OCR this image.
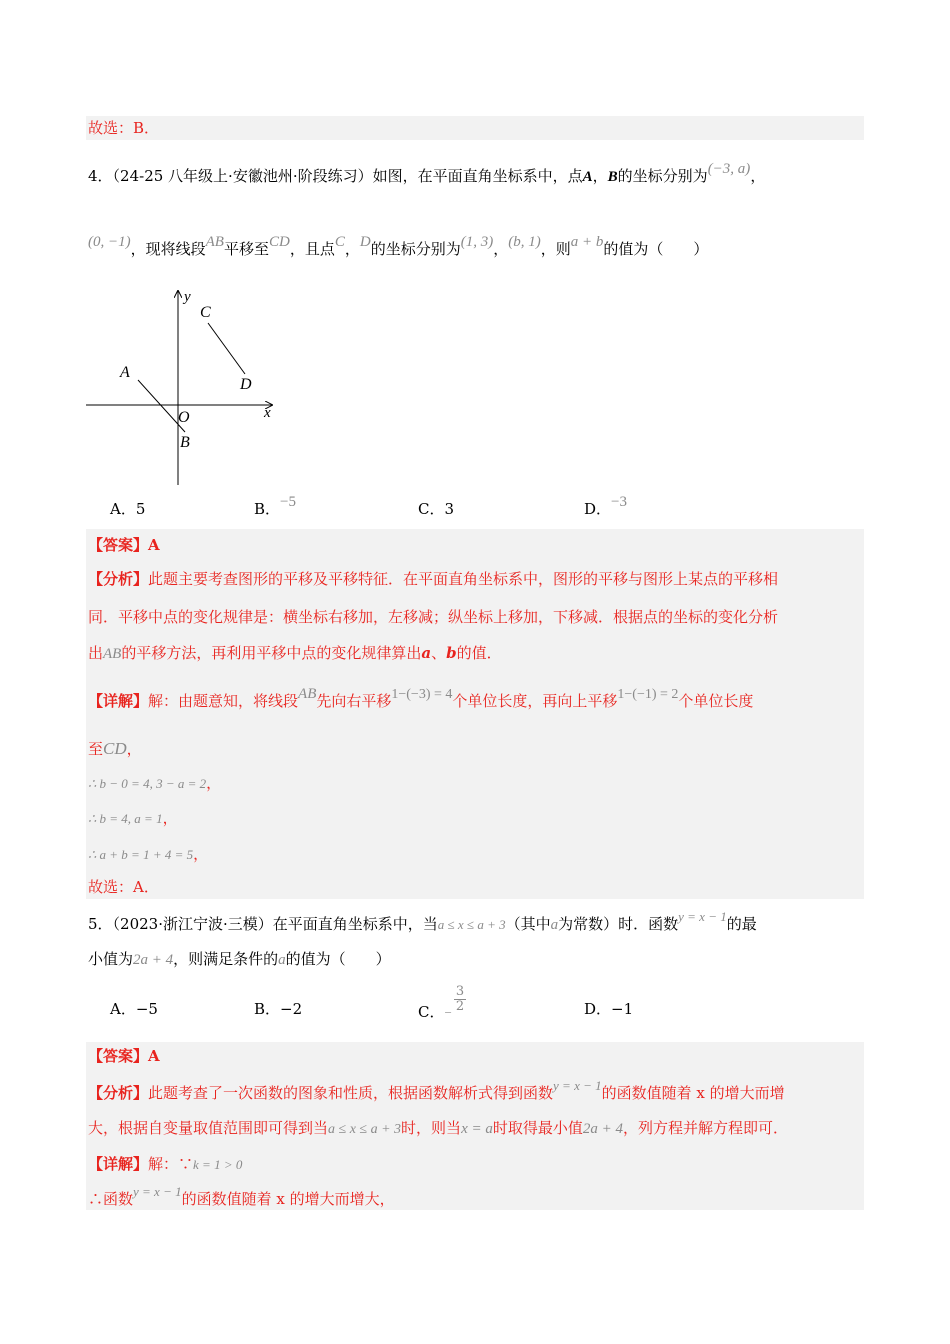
故选：B．
4．（24-25 八年级上·安徽池州·阶段练习）如图，在平面直角坐标系中，点A，B的坐标分别为(−3, a)，
(0, −1)，现将线段AB平移至CD，且点C，D的坐标分别为(1, 3)，(b, 1)，则a + b的值为（　　）
y
x
O
A
B
C
D
A．5	B．−5	C．3	D．−3
【答案】A
【分析】此题主要考查图形的平移及平移特征．在平面直角坐标系中，图形的平移与图形上某点的平移相
同．平移中点的变化规律是：横坐标右移加，左移减；纵坐标上移加，下移减．根据点的坐标的变化分析
出AB的平移方法，再利用平移中点的变化规律算出a、b的值．
【详解】解：由题意知，将线段AB先向右平移1−(−3) = 4个单位长度，再向上平移1−(−1) = 2个单位长度
至CD，
∴ b − 0 = 4, 3 − a = 2，
∴ b = 4, a = 1，
∴ a + b = 1 + 4 = 5，
故选：A．
5．（2023·浙江宁波·三模）在平面直角坐标系中，当a ≤ x ≤ a + 3（其中a为常数）时．函数y = x − 1的最
小值为2a + 4，则满足条件的a的值为（　　）
A．−5	B．−2	C．− $\frac{3}{2}$	D．−1
【答案】A
【分析】此题考查了一次函数的图象和性质，根据函数解析式得到函数y = x − 1的函数值随着 x 的增大而增
大，根据自变量取值范围即可得到当a ≤ x ≤ a + 3时，则当x = a时取得最小值2a + 4，列方程并解方程即可．
【详解】解：∵k = 1 > 0
∴函数y = x − 1的函数值随着 x 的增大而增大，
